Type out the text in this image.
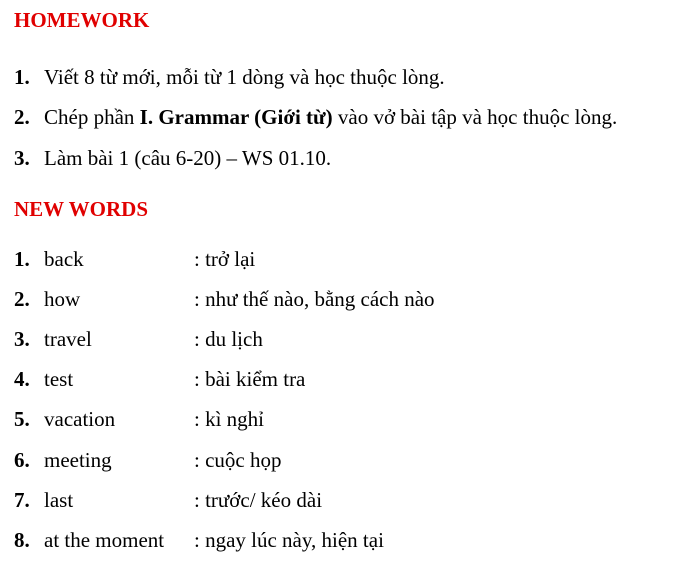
HOMEWORK
1. Viết 8 từ mới, mỗi từ 1 dòng và học thuộc lòng.
2. Chép phần I. Grammar (Giới từ) vào vở bài tập và học thuộc lòng.
3. Làm bài 1 (câu 6-20) – WS 01.10.
NEW WORDS
1. back	: trở lại
2. how	: như thế nào, bằng cách nào
3. travel	: du lịch
4. test	: bài kiểm tra
5. vacation	: kì nghỉ
6. meeting	: cuộc họp
7. last	: trước/ kéo dài
8. at the moment : ngay lúc này, hiện tại
